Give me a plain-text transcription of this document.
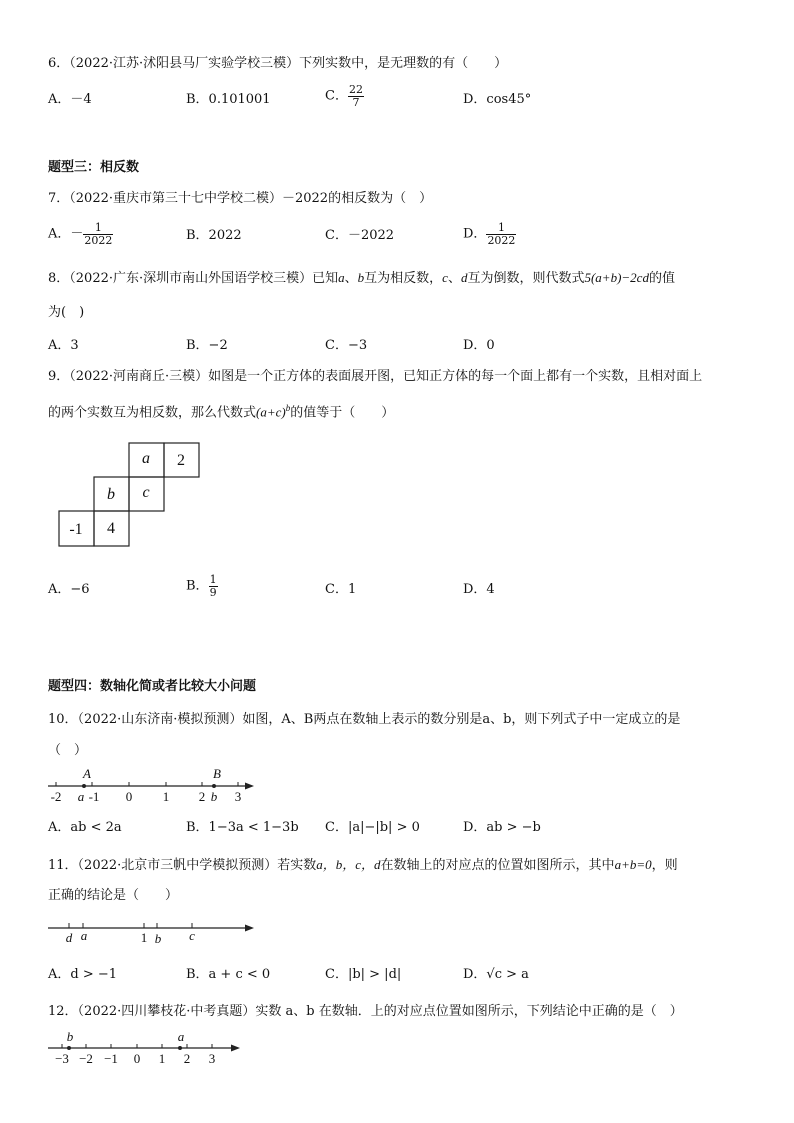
6．（2022·江苏·沭阳县马厂实验学校三模）下列实数中，是无理数的有（　　）
A．－4	B．0.101001	C． $\frac{22}{7}$	D．cos45°
题型三：相反数
7．（2022·重庆市第三十七中学校二模）－2022的相反数为（　）
A．－ $\frac{1}{2022}$	B．2022	C．－2022	D． $\frac{1}{2022}$
8．（2022·广东·深圳市南山外国语学校三模）已知a、b互为相反数，c、d互为倒数，则代数式5(a+b)−2cd的值
为(　)
A．3	B．−2	C．−3	D．0
9．（2022·河南商丘·三模）如图是一个正方体的表面展开图，已知正方体的每一个面上都有一个实数，且相对面上
的两个实数互为相反数，那么代数式$(a+c)^b$的值等于（　　）
a 2
b c
-1 4
A．−6	B． $\frac{1}{9}$	C．1	D．4
题型四：数轴化简或者比较大小问题
10．（2022·山东济南·模拟预测）如图，A、B两点在数轴上表示的数分别是a、b，则下列式子中一定成立的是
（　）
A	B
-2 a -1 0 1 2 b 3
A．ab < 2a	B．1−3a < 1−3b C．|a|−|b| > 0	D．ab > −b
11．（2022·北京市三帆中学模拟预测）若实数a，b，c，d在数轴上的对应点的位置如图所示，其中a+b=0，则
正确的结论是（　　）
d a	1 b c
A．d > −1	B．a + c < 0	C．|b| > |d|	D．√c > a
12．（2022·四川攀枝花·中考真题）实数 a、b 在数轴．上的对应点位置如图所示，下列结论中正确的是（　）
b	a
−3 −2 −1 0 1 2 3
